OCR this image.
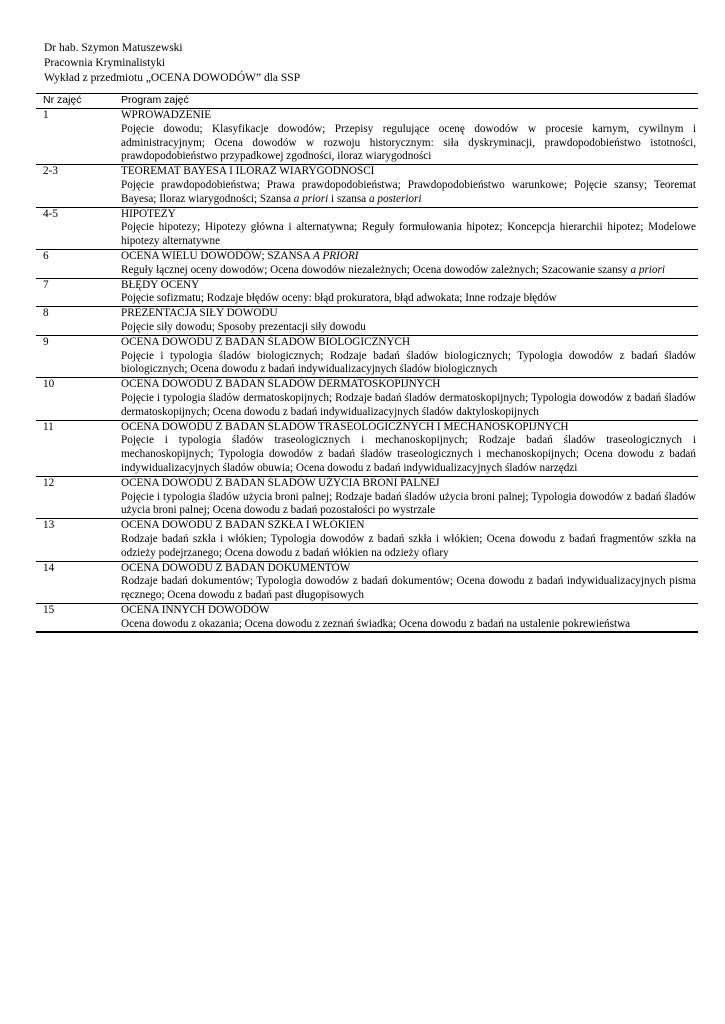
Dr hab. Szymon Matuszewski
Pracownia Kryminalistyki
Wykład z przedmiotu „OCENA DOWODÓW” dla SSP
Nr zajęć	Program zajęć
1	WPROWADZENIE
Pojęcie dowodu; Klasyfikacje dowodów; Przepisy regulujące ocenę dowodów w procesie karnym, cywilnym i administracyjnym; Ocena dowodów w rozwoju historycznym: siła dyskryminacji, prawdopodobieństwo istotności, prawdopodobieństwo przypadkowej zgodności, iloraz wiarygodności

2-3	TEOREMAT BAYESA I ILORAZ WIARYGODNOŚCI
Pojęcie prawdopodobieństwa; Prawa prawdopodobieństwa; Prawdopodobieństwo warunkowe; Pojęcie szansy; Teoremat Bayesa; Iloraz wiarygodności; Szansa a priori i szansa a posteriori

4-5	HIPOTEZY
Pojęcie hipotezy; Hipotezy główna i alternatywna; Reguły formułowania hipotez; Koncepcja hierarchii hipotez; Modelowe hipotezy alternatywne

6	OCENA WIELU DOWODÓW; SZANSA A PRIORI
Reguły łącznej oceny dowodów; Ocena dowodów niezależnych; Ocena dowodów zależnych; Szacowanie szansy a priori

7	BŁĘDY OCENY
Pojęcie sofizmatu; Rodzaje błędów oceny: błąd prokuratora, błąd adwokata; Inne rodzaje błędów

8	PREZENTACJA SIŁY DOWODU
Pojęcie siły dowodu; Sposoby prezentacji siły dowodu

9	OCENA DOWODU Z BADAŃ ŚLADÓW BIOLOGICZNYCH
Pojęcie i typologia śladów biologicznych; Rodzaje badań śladów biologicznych; Typologia dowodów z badań śladów biologicznych; Ocena dowodu z badań indywidualizacyjnych śladów biologicznych

10	OCENA DOWODU Z BADAŃ ŚLADÓW DERMATOSKOPIJNYCH
Pojęcie i typologia śladów dermatoskopijnych; Rodzaje badań śladów dermatoskopijnych; Typologia dowodów z badań śladów dermatoskopijnych; Ocena dowodu z badań indywidualizacyjnych śladów daktyloskopijnych

11	OCENA DOWODU Z BADAŃ ŚLADÓW TRASEOLOGICZNYCH I MECHANOSKOPIJNYCH
Pojęcie i typologia śladów traseologicznych i mechanoskopijnych; Rodzaje badań śladów traseologicznych i mechanoskopijnych; Typologia dowodów z badań śladów traseologicznych i mechanoskopijnych; Ocena dowodu z badań indywidualizacyjnych śladów obuwia; Ocena dowodu z badań indywidualizacyjnych śladów narzędzi

12	OCENA DOWODU Z BADAŃ ŚLADÓW UŻYCIA BRONI PALNEJ
Pojęcie i typologia śladów użycia broni palnej; Rodzaje badań śladów użycia broni palnej; Typologia dowodów z badań śladów użycia broni palnej; Ocena dowodu z badań pozostałości po wystrzale

13	OCENA DOWODU Z BADAŃ SZKŁA I WŁÓKIEN
Rodzaje badań szkła i włókien; Typologia dowodów z badań szkła i włókien; Ocena dowodu z badań fragmentów szkła na odzieży podejrzanego; Ocena dowodu z badań włókien na odzieży ofiary

14	OCENA DOWODU Z BADAŃ DOKUMENTÓW
Rodzaje badań dokumentów; Typologia dowodów z badań dokumentów; Ocena dowodu z badań indywidualizacyjnych pisma ręcznego; Ocena dowodu z badań past długopisowych

15	OCENA INNYCH DOWODÓW
Ocena dowodu z okazania; Ocena dowodu z zeznań świadka; Ocena dowodu z badań na ustalenie pokrewieństwa
